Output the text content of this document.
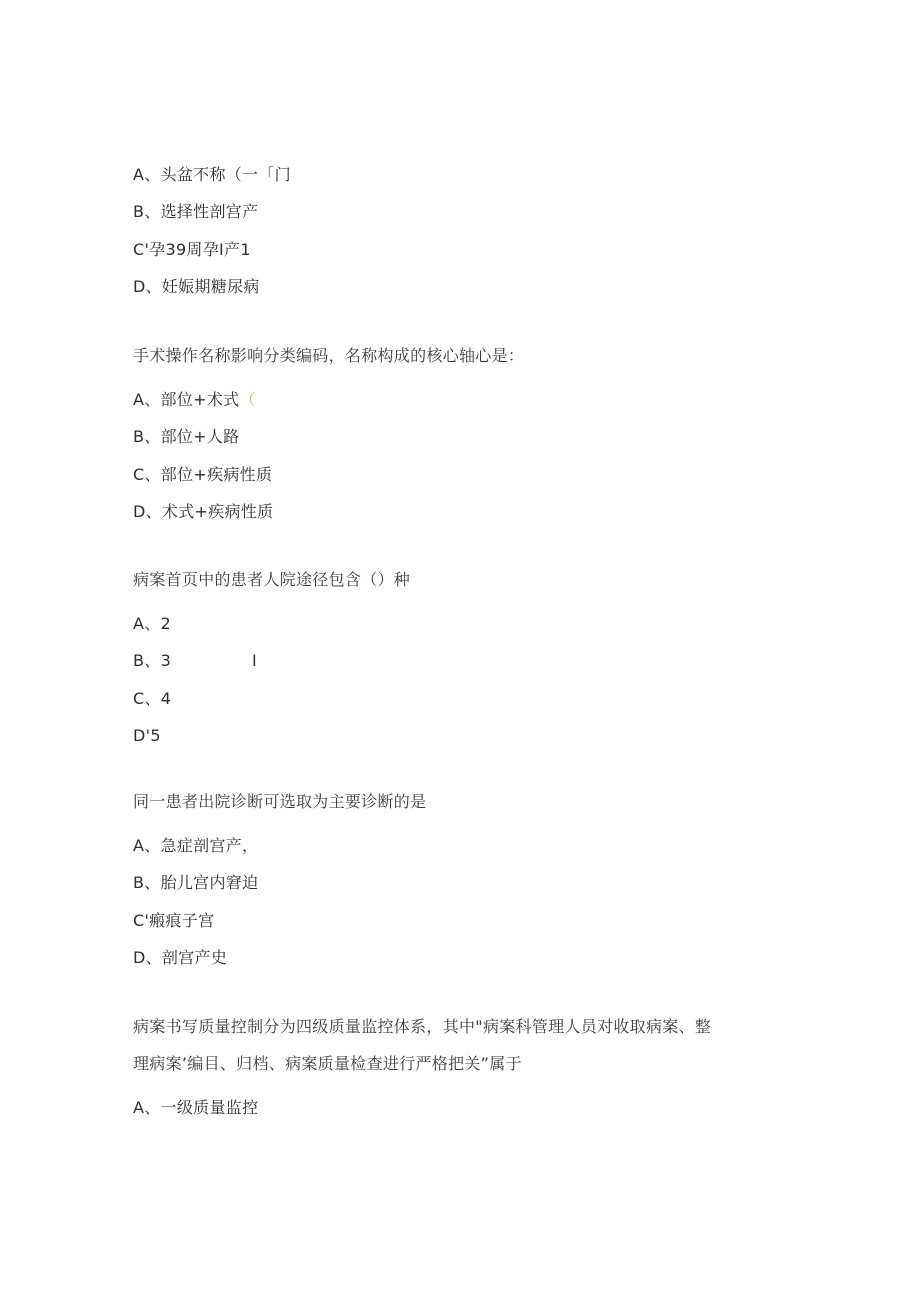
A、头盆不称（一「门
B、选择性剖宫产
C'孕39周孕I产1
D、妊娠期糖尿病
手术操作名称影响分类编码，名称构成的核心轴心是：
A、部位+术式（
B、部位+人路
C、部位+疾病性质
D、术式+疾病性质
病案首页中的患者人院途径包含（）种
A、2
B、3	I
C、4
D'5
同一患者出院诊断可选取为主要诊断的是
A、急症剖宫产，
B、胎儿宫内窘迫
C'瘢痕子宫
D、剖宫产史
病案书写质量控制分为四级质量监控体系，其中"病案科管理人员对收取病案、整
理病案’编目、归档、病案质量检查进行严格把关”属于
A、一级质量监控
